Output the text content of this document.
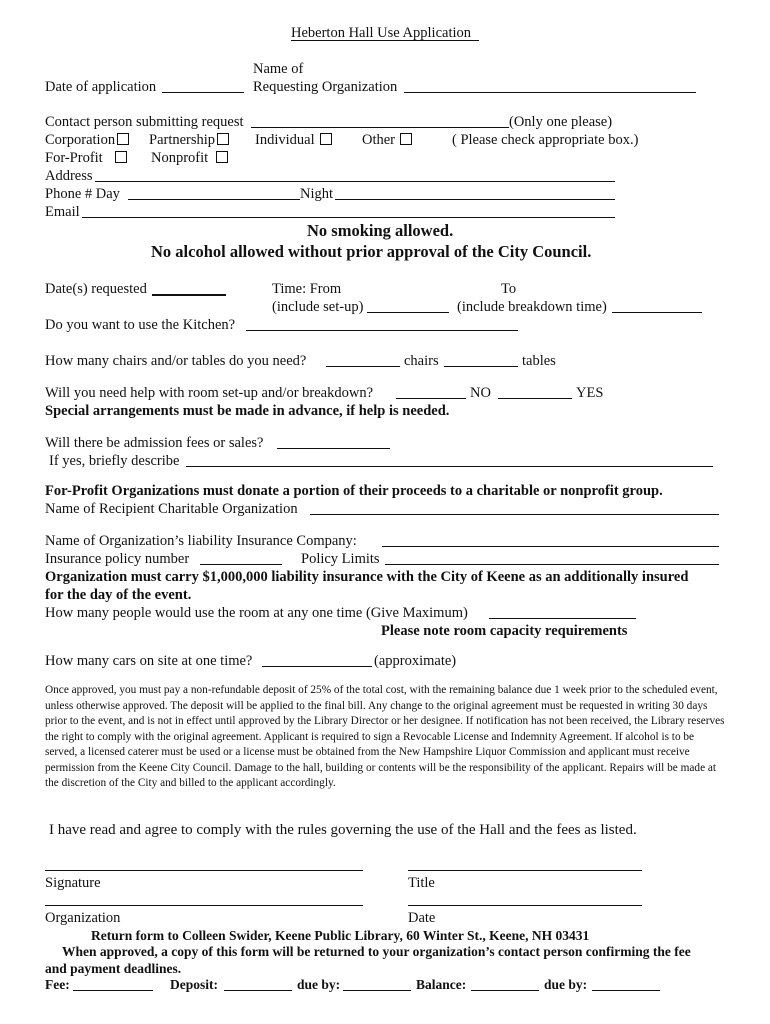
Heberton Hall Use Application
Name of
Date of application	Requesting Organization
Contact person submitting request	(Only one please)
Corporation	Partnership	Individual	Other	( Please check appropriate box.)
For-Profit	Nonprofit
Address
Phone # Day	Night
Email
No smoking allowed.
No alcohol allowed without prior approval of the City Council.
Date(s) requested	Time: From	To
(include set-up)	(include breakdown time)
Do you want to use the Kitchen?
How many chairs and/or tables do you need?	chairs	tables
Will you need help with room set-up and/or breakdown?	NO	YES
Special arrangements must be made in advance, if help is needed.
Will there be admission fees or sales?
If yes, briefly describe
For-Profit Organizations must donate a portion of their proceeds to a charitable or nonprofit group.
Name of Recipient Charitable Organization
Name of Organization’s liability Insurance Company:
Insurance policy number	Policy Limits
Organization must carry $1,000,000 liability insurance with the City of Keene as an additionally insured
for the day of the event.
How many people would use the room at any one time (Give Maximum)
Please note room capacity requirements
How many cars on site at one time?	(approximate)
Once approved, you must pay a non-refundable deposit of 25% of the total cost, with the remaining balance due 1 week prior to the scheduled event, unless otherwise approved. The deposit will be applied to the final bill. Any change to the original agreement must be requested in writing 30 days prior to the event, and is not in effect until approved by the Library Director or her designee. If notification has not been received, the Library reserves the right to comply with the original agreement. Applicant is required to sign a Revocable License and Indemnity Agreement. If alcohol is to be served, a licensed caterer must be used or a license must be obtained from the New Hampshire Liquor Commission and applicant must receive permission from the Keene City Council. Damage to the hall, building or contents will be the responsibility of the applicant. Repairs will be made at the discretion of the City and billed to the applicant accordingly.
I have read and agree to comply with the rules governing the use of the Hall and the fees as listed.
Signature	Title
Organization	Date
Return form to Colleen Swider, Keene Public Library, 60 Winter St., Keene, NH 03431
When approved, a copy of this form will be returned to your organization’s contact person confirming the fee
and payment deadlines.
Fee:	Deposit:	due by:	Balance:	due by:
